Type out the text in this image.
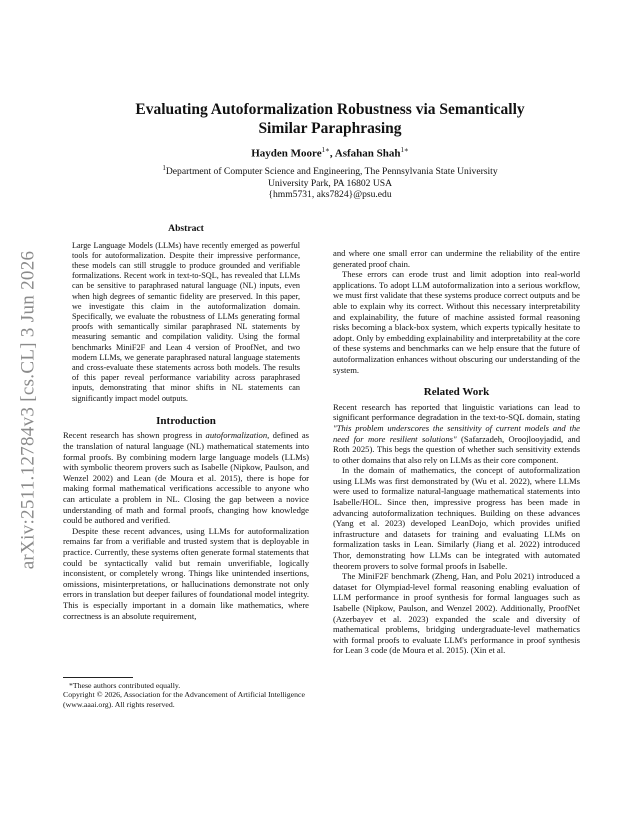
arXiv:2511.12784v3 [cs.CL] 3 Jun 2026
Evaluating Autoformalization Robustness via Semantically
Similar Paraphrasing
Hayden Moore$^{1∗}$, Asfahan Shah$^{1∗}$
$^1$Department of Computer Science and Engineering, The Pennsylvania State University
University Park, PA 16802 USA
{hmm5731, aks7824}@psu.edu
Abstract

Large Language Models (LLMs) have recently emerged as powerful tools for autoformalization. Despite their impressive performance, these models can still struggle to produce grounded and verifiable formalizations. Recent work in text-to-SQL, has revealed that LLMs can be sensitive to paraphrased natural language (NL) inputs, even when high degrees of semantic fidelity are preserved. In this paper, we investigate this claim in the autoformalization domain. Specifically, we evaluate the robustness of LLMs generating formal proofs with semantically similar paraphrased NL statements by measuring semantic and compilation validity. Using the formal benchmarks MiniF2F and Lean 4 version of ProofNet, and two modern LLMs, we generate paraphrased natural language statements and cross-evaluate these statements across both models. The results of this paper reveal performance variability across paraphrased inputs, demonstrating that minor shifts in NL statements can significantly impact model outputs.

Introduction

Recent research has shown progress in autoformalization, defined as the translation of natural language (NL) mathematical statements into formal proofs. By combining modern large language models (LLMs) with symbolic theorem provers such as Isabelle (Nipkow, Paulson, and Wenzel 2002) and Lean (de Moura et al. 2015), there is hope for making formal mathematical verifications accessible to anyone who can articulate a problem in NL. Closing the gap between a novice understanding of math and formal proofs, changing how knowledge could be authored and verified.

Despite these recent advances, using LLMs for autoformalization remains far from a verifiable and trusted system that is deployable in practice. Currently, these systems often generate formal statements that could be syntactically valid but remain unverifiable, logically inconsistent, or completely wrong. Things like unintended insertions, omissions, misinterpretations, or hallucinations demonstrate not only errors in translation but deeper failures of foundational model integrity. This is especially important in a domain like mathematics, where correctness is an absolute requirement,

*These authors contributed equally.
Copyright © 2026, Association for the Advancement of Artificial Intelligence (www.aaai.org). All rights reserved.

and where one small error can undermine the reliability of the entire generated proof chain.

These errors can erode trust and limit adoption into real-world applications. To adopt LLM autoformalization into a serious workflow, we must first validate that these systems produce correct outputs and be able to explain why its correct. Without this necessary interpretability and explainability, the future of machine assisted formal reasoning risks becoming a black-box system, which experts typically hesitate to adopt. Only by embedding explainability and interpretability at the core of these systems and benchmarks can we help ensure that the future of autoformalization enhances without obscuring our understanding of the system.

Related Work

Recent research has reported that linguistic variations can lead to significant performance degradation in the text-to-SQL domain, stating "This problem underscores the sensitivity of current models and the need for more resilient solutions" (Safarzadeh, Oroojlooyjadid, and Roth 2025). This begs the question of whether such sensitivity extends to other domains that also rely on LLMs as their core component.

In the domain of mathematics, the concept of autoformalization using LLMs was first demonstrated by (Wu et al. 2022), where LLMs were used to formalize natural-language mathematical statements into Isabelle/HOL. Since then, impressive progress has been made in advancing autoformalization techniques. Building on these advances (Yang et al. 2023) developed LeanDojo, which provides unified infrastructure and datasets for training and evaluating LLMs on formalization tasks in Lean. Similarly (Jiang et al. 2022) introduced Thor, demonstrating how LLMs can be integrated with automated theorem provers to solve formal proofs in Isabelle.

The MiniF2F benchmark (Zheng, Han, and Polu 2021) introduced a dataset for Olympiad-level formal reasoning enabling evaluation of LLM performance in proof synthesis for formal languages such as Isabelle (Nipkow, Paulson, and Wenzel 2002). Additionally, ProofNet (Azerbayev et al. 2023) expanded the scale and diversity of mathematical problems, bridging undergraduate-level mathematics with formal proofs to evaluate LLM's performance in proof synthesis for Lean 3 code (de Moura et al. 2015). (Xin et al.
